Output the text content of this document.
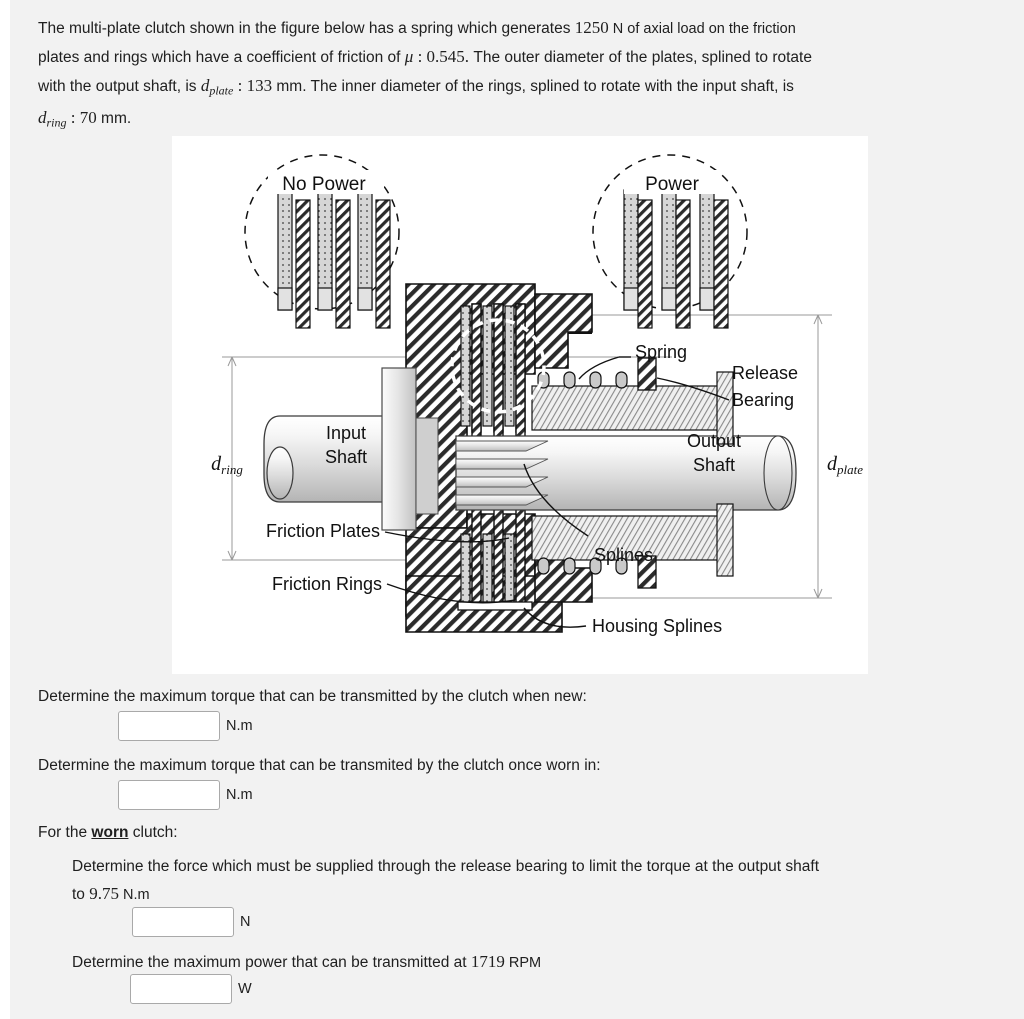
The multi-plate clutch shown in the figure below has a spring which generates 1250 N of axial load on the friction
plates and rings which have a coefficient of friction of μ : 0.545. The outer diameter of the plates, splined to rotate
with the output shaft, is $d_{plate}$ : 133 mm. The inner diameter of the rings, splined to rotate with the input shaft, is
$d_{ring}$ : 70 mm.
$d_{ring}$	$d_{plate}$
No Power	Power
Input
Shaft
Output
Shaft
Spring
Release
Bearing
Friction Plates
Friction Rings
Splines
Housing Splines
Determine the maximum torque that can be transmitted by the clutch when new:
N.m
Determine the maximum torque that can be transmited by the clutch once worn in:
N.m
For the worn clutch:
Determine the force which must be supplied through the release bearing to limit the torque at the output shaft
to 9.75 N.m
N
Determine the maximum power that can be transmitted at 1719 RPM
W
